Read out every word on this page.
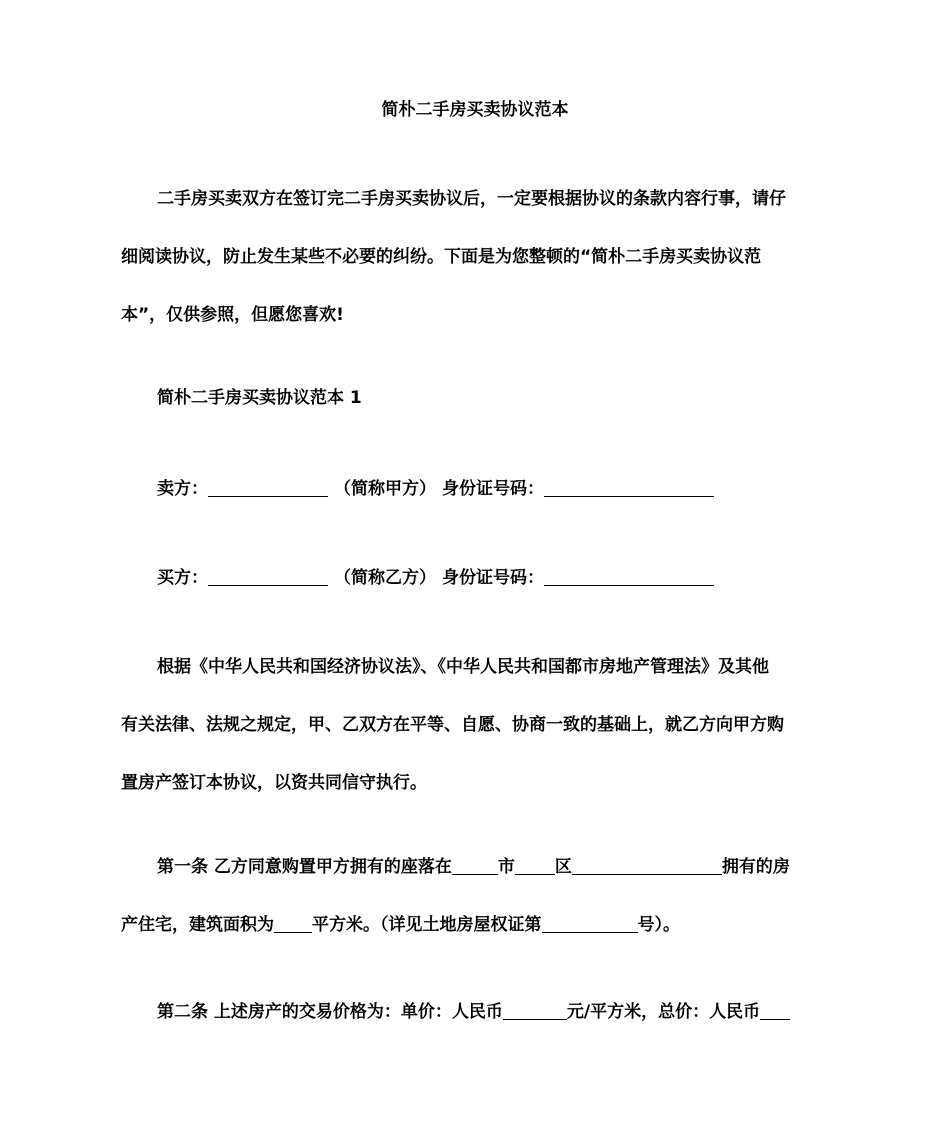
简朴二手房买卖协议范本
二手房买卖双方在签订完二手房买卖协议后，一定要根据协议的条款内容行事，请仔
细阅读协议，防止发生某些不必要的纠纷。下面是为您整顿的“简朴二手房买卖协议范
本”，仅供参照，但愿您喜欢!
简朴二手房买卖协议范本 1
卖方：	（简称甲方） 身份证号码：
买方：	（简称乙方） 身份证号码：
根据《中华人民共和国经济协议法》、《中华人民共和国都市房地产管理法》及其他
有关法律、法规之规定，甲、乙双方在平等、自愿、协商一致的基础上，就乙方向甲方购
置房产签订本协议，以资共同信守执行。
第一条 乙方同意购置甲方拥有的座落在	市 区	拥有的房
产住宅，建筑面积为 平方米。（详见土地房屋权证第	号）。
第二条 上述房产的交易价格为：单价：人民币	元/平方米，总价：人民币
